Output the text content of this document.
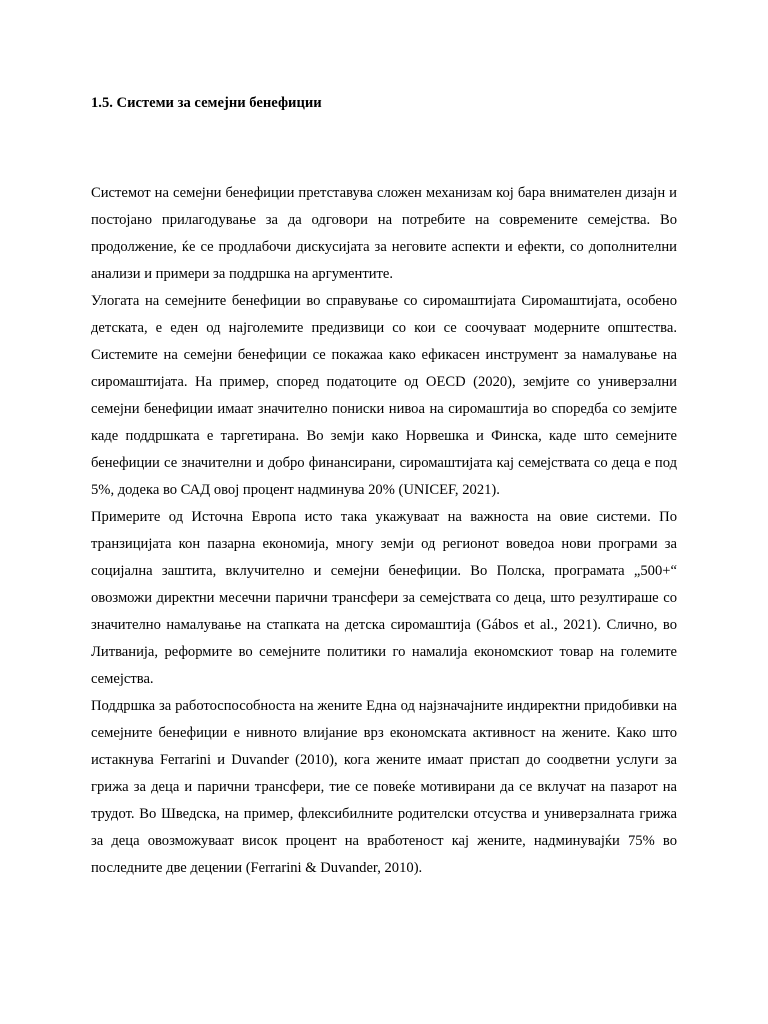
1.5. Системи за семејни бенефиции

Системот на семејни бенефиции претставува сложен механизам кој бара внимателен дизајн и постојано прилагодување за да одговори на потребите на современите семејства. Во продолжение, ќе се продлабочи дискусијата за неговите аспекти и ефекти, со дополнителни анализи и примери за поддршка на аргументите.

Улогата на семејните бенефиции во справување со сиромаштијата Сиромаштијата, особено детската, е еден од најголемите предизвици со кои се соочуваат модерните општества. Системите на семејни бенефиции се покажаа како ефикасен инструмент за намалување на сиромаштијата. На пример, според податоците од OECD (2020), земјите со универзални семејни бенефиции имаат значително пониски нивоа на сиромаштија во споредба со земјите каде поддршката е таргетирана. Во земји како Норвешка и Финска, каде што семејните бенефиции се значителни и добро финансирани, сиромаштијата кај семејствата со деца е под 5%, додека во САД овој процент надминува 20% (UNICEF, 2021).

Примерите од Источна Европа исто така укажуваат на важноста на овие системи. По транзицијата кон пазарна економија, многу земји од регионот воведоа нови програми за социјална заштита, вклучително и семејни бенефиции. Во Полска, програмата „500+“ овозможи директни месечни парични трансфери за семејствата со деца, што резултираше со значително намалување на стапката на детска сиромаштија (Gábos et al., 2021). Слично, во Литванија, реформите во семејните политики го намалија економскиот товар на големите семејства.

Поддршка за работоспособноста на жените Една од најзначајните индиректни придобивки на семејните бенефиции е нивното влијание врз економската активност на жените. Како што истакнува Ferrarini и Duvander (2010), кога жените имаат пристап до соодветни услуги за грижа за деца и парични трансфери, тие се повеќе мотивирани да се вклучат на пазарот на трудот. Во Шведска, на пример, флексибилните родителски отсуства и универзалната грижа за деца овозможуваат висок процент на вработеност кај жените, надминувајќи 75% во последните две децении (Ferrarini & Duvander, 2010).
